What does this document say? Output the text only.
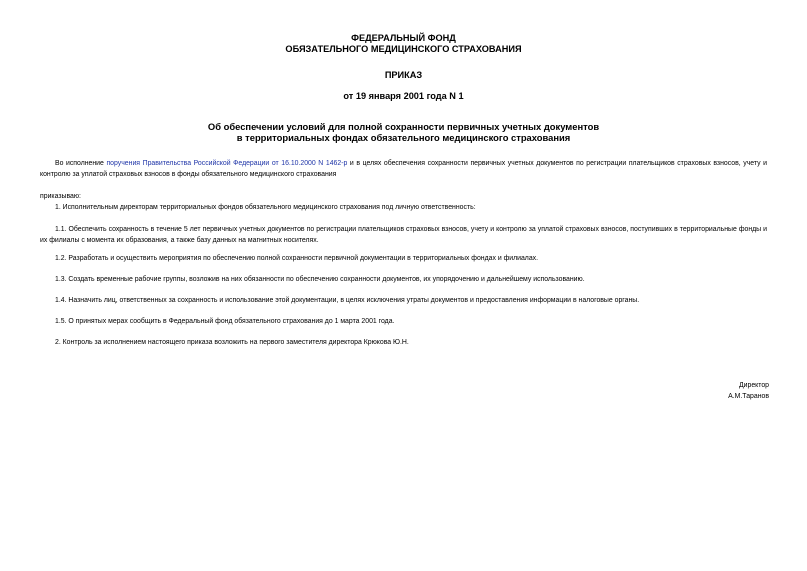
ФЕДЕРАЛЬНЫЙ ФОНД
ОБЯЗАТЕЛЬНОГО МЕДИЦИНСКОГО СТРАХОВАНИЯ
ПРИКАЗ
от 19 января 2001 года N 1
Об обеспечении условий для полной сохранности первичных учетных документов
в территориальных фондах обязательного медицинского страхования

Во исполнение поручения Правительства Российской Федерации от 16.10.2000 N 1462-р и в целях обеспечения сохранности первичных учетных документов по регистрации плательщиков страховых взносов, учету и контролю за уплатой страховых взносов в фонды обязательного медицинского страхования

приказываю:

1. Исполнительным директорам территориальных фондов обязательного медицинского страхования под личную ответственность:

1.1. Обеспечить сохранность в течение 5 лет первичных учетных документов по регистрации плательщиков страховых взносов, учету и контролю за уплатой страховых взносов, поступивших в территориальные фонды и их филиалы с момента их образования, а также базу данных на магнитных носителях.

1.2. Разработать и осуществить мероприятия по обеспечению полной сохранности первичной документации в территориальных фондах и филиалах.

1.3. Создать временные рабочие группы, возложив на них обязанности по обеспечению сохранности документов, их упорядочению и дальнейшему использованию.

1.4. Назначить лиц, ответственных за сохранность и использование этой документации, в целях исключения утраты документов и предоставления информации в налоговые органы.

1.5. О принятых мерах сообщить в Федеральный фонд обязательного страхования до 1 марта 2001 года.

2. Контроль за исполнением настоящего приказа возложить на первого заместителя директора Крюкова Ю.Н.

Директор
А.М.Таранов
